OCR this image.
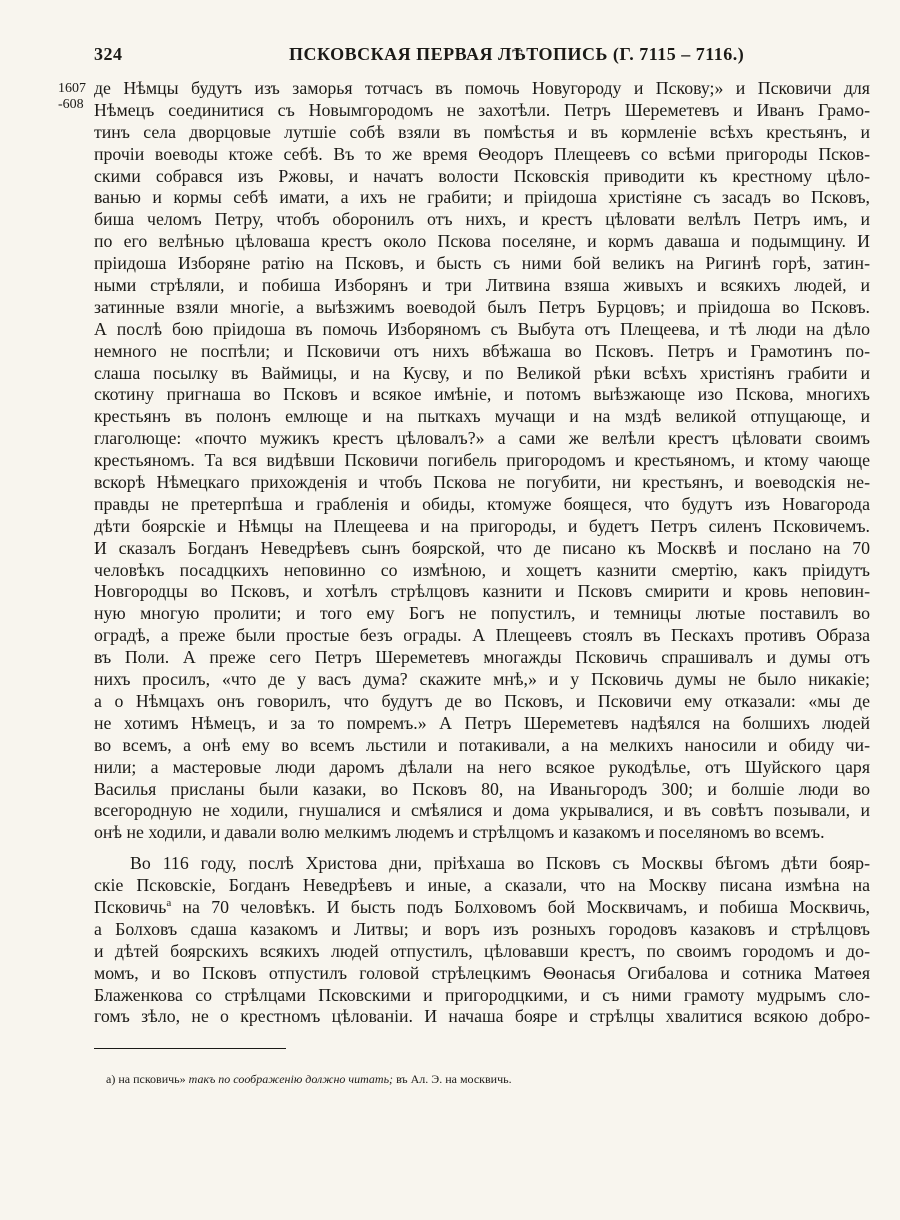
324	ПСКОВСКАЯ ПЕРВАЯ ЛѢТОПИСЬ (Г. 7115 – 7116.)
1607
-608
де Нѣмцы будутъ изъ заморья тотчасъ въ помочь Новугороду и Пскову;» и Псковичи для
Нѣмецъ соединитися съ Новымгородомъ не захотѣли. Петръ Шереметевъ и Иванъ Грамо-
тинъ села дворцовые лутшіе собѣ взяли въ помѣстья и въ кормленіе всѣхъ крестьянъ, и
прочіи воеводы ктоже себѣ. Въ то же время Ѳеодоръ Плещеевъ со всѣми пригороды Псков-
скими собрався изъ Ржовы, и начатъ волости Псковскія приводити къ крестному цѣло-
ванью и кормы себѣ имати, а ихъ не грабити; и пріидоша христіяне съ засадъ во Псковъ,
биша челомъ Петру, чтобъ оборонилъ отъ нихъ, и крестъ цѣловати велѣлъ Петръ имъ, и
по его велѣнью цѣловаша крестъ около Пскова поселяне, и кормъ даваша и подымщину. И
пріидоша Изборяне ратію на Псковъ, и бысть съ ними бой великъ на Ригинѣ горѣ, затин-
ными стрѣляли, и побиша Изборянъ и три Литвина взяша живыхъ и всякихъ людей, и
затинные взяли многіе, а выѣзжимъ воеводой былъ Петръ Бурцовъ; и пріидоша во Псковъ.
А послѣ бою пріидоша въ помочь Изборяномъ съ Выбута отъ Плещеева, и тѣ люди на дѣло
немного не поспѣли; и Псковичи отъ нихъ вбѣжаша во Псковъ. Петръ и Грамотинъ по-
слаша посылку въ Ваймицы, и на Кусву, и по Великой рѣки всѣхъ христіянъ грабити и
скотину пригнаша во Псковъ и всякое имѣніе, и потомъ выѣзжающе изо Пскова, многихъ
крестьянъ въ полонъ емлюще и на пыткахъ мучащи и на мздѣ великой отпущающе, и
глаголюще: «почто мужикъ крестъ цѣловалъ?» а сами же велѣли крестъ цѣловати своимъ
крестьяномъ. Та вся видѣвши Псковичи погибель пригородомъ и крестьяномъ, и ктому чающе
вскорѣ Нѣмецкаго прихожденія и чтобъ Пскова не погубити, ни крестьянъ, и воеводскія не-
правды не претерпѣша и грабленія и обиды, ктомуже боящеся, что будутъ изъ Новагорода
дѣти боярскіе и Нѣмцы на Плещеева и на пригороды, и будетъ Петръ силенъ Псковичемъ.
И сказалъ Богданъ Неведрѣевъ сынъ боярской, что де писано къ Москвѣ и послано на 70
человѣкъ посадцкихъ неповинно со измѣною, и хощетъ казнити смертію, какъ пріидутъ
Новгородцы во Псковъ, и хотѣлъ стрѣлцовъ казнити и Псковъ смирити и кровь неповин-
ную многую пролити; и того ему Богъ не попустилъ, и темницы лютые поставилъ во
оградѣ, а преже были простые безъ ограды. А Плещеевъ стоялъ въ Пескахъ противъ Образа
въ Поли. А преже сего Петръ Шереметевъ многажды Псковичь спрашивалъ и думы отъ
нихъ просилъ, «что де у васъ дума? скажите мнѣ,» и у Псковичь думы не было никакіе;
а о Нѣмцахъ онъ говорилъ, что будутъ де во Псковъ, и Псковичи ему отказали: «мы де
не хотимъ Нѣмецъ, и за то помремъ.» А Петръ Шереметевъ надѣялся на болшихъ людей
во всемъ, а онѣ ему во всемъ льстили и потакивали, а на мелкихъ наносили и обиду чи-
нили; а мастеровые люди даромъ дѣлали на него всякое рукодѣлье, отъ Шуйского царя
Василья присланы были казаки, во Псковъ 80, на Иваньгородъ 300; и болшіе люди во
всегородную не ходили, гнушалися и смѣялися и дома укрывалися, и въ совѣтъ позывали, и
онѣ не ходили, и давали волю мелкимъ людемъ и стрѣлцомъ и казакомъ и поселяномъ во всемъ.
Во 116 году, послѣ Христова дни, пріѣхаша во Псковъ съ Москвы бѣгомъ дѣти бояр-
скіе Псковскіе, Богданъ Неведрѣевъ и иные, а сказали, что на Москву писана измѣна на
Псковичь$^а$ на 70 человѣкъ. И бысть подъ Болховомъ бой Москвичамъ, и побиша Москвичь,
а Болховъ сдаша казакомъ и Литвы; и воръ изъ розныхъ городовъ казаковъ и стрѣлцовъ
и дѣтей боярскихъ всякихъ людей отпустилъ, цѣловавши крестъ, по своимъ городомъ и до-
момъ, и во Псковъ отпустилъ головой стрѣлецкимъ Ѳѳонасья Огибалова и сотника Матѳея
Блаженкова со стрѣлцами Псковскими и пригородцкими, и съ ними грамоту мудрымъ сло-
гомъ зѣло, не о крестномъ цѣлованіи. И начаша бояре и стрѣлцы хвалитися всякою добро-
а) на псковичь» такъ по соображенію должно читать; въ Ал. Э. на москвичь.
